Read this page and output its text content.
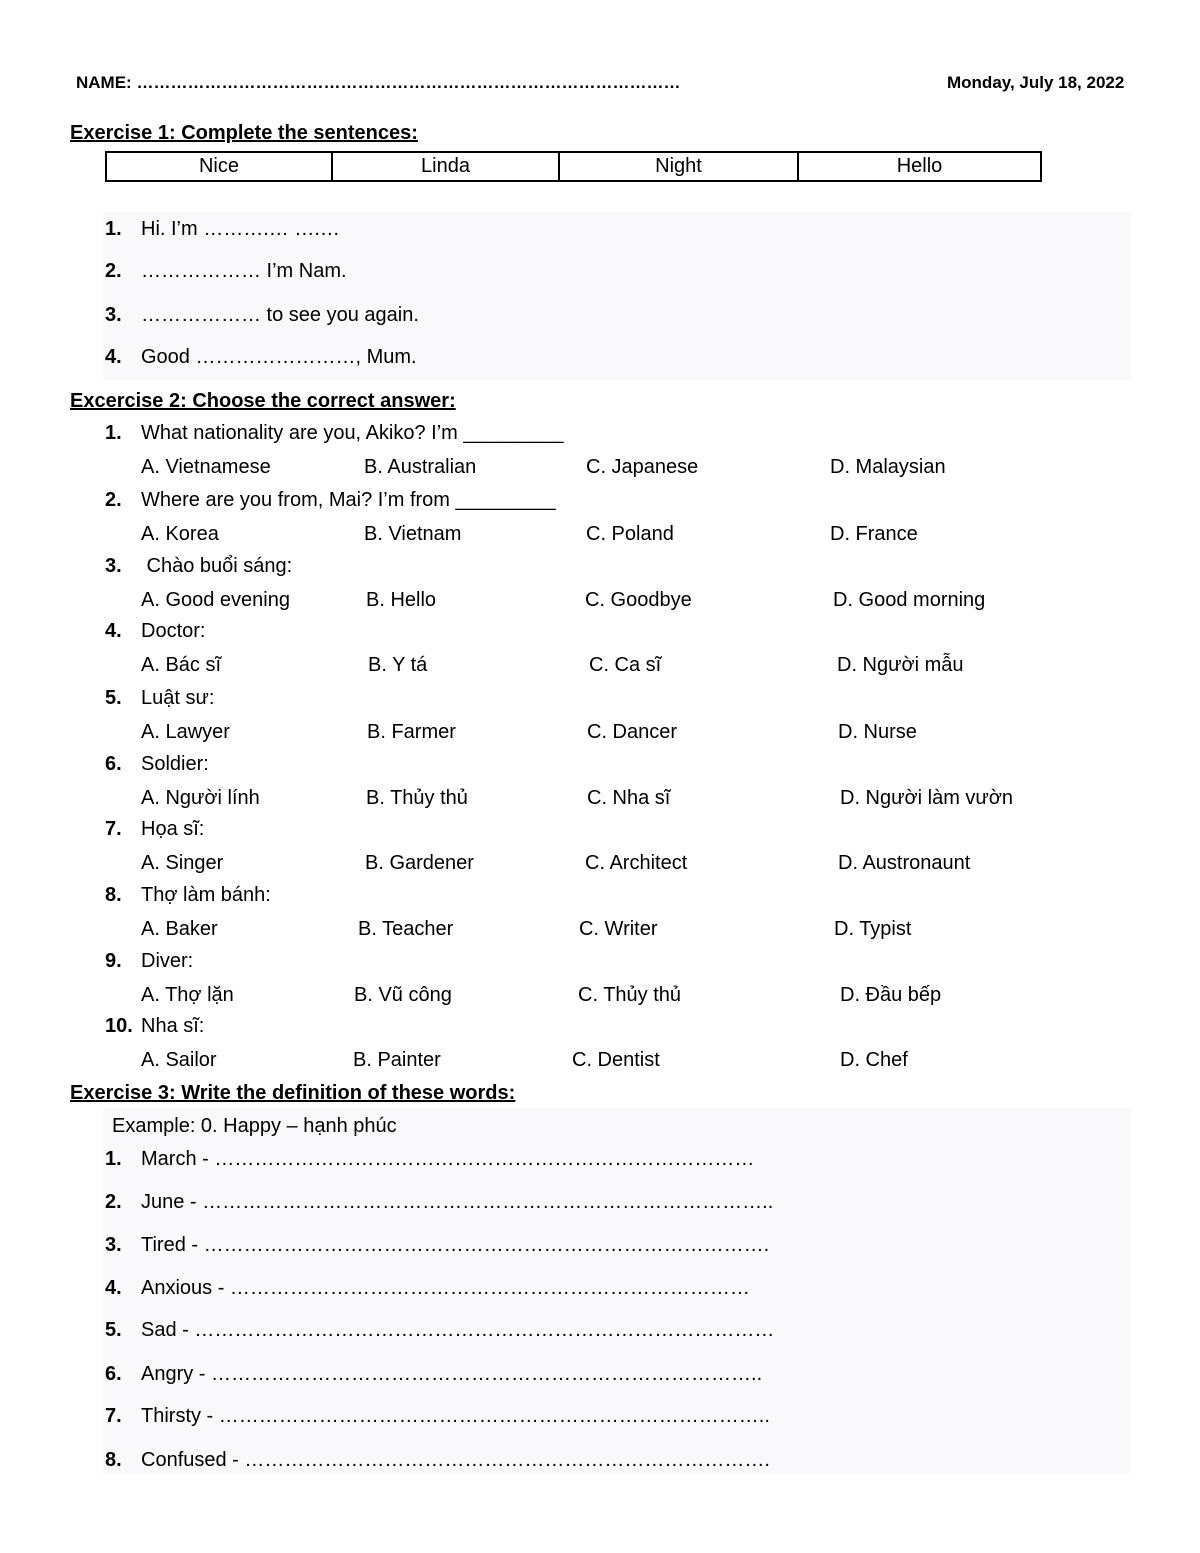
NAME: ……………………………………………………………………………………	Monday, July 18, 2022
Exercise 1: Complete the sentences:
Nice	Linda	Night	Hello
1. Hi. I’m ……….… ….…
2. ……………… I’m Nam.
3. ……………… to see you again.
4. Good ……………………, Mum.
Excercise 2: Choose the correct answer:
1. What nationality are you, Akiko? I’m _________
A. Vietnamese	B. Australian	C. Japanese	D. Malaysian
2. Where are you from, Mai? I’m from _________
A. Korea	B. Vietnam	C. Poland	D. France
3. Chào buổi sáng:
A. Good evening	B. Hello	C. Goodbye	D. Good morning
4. Doctor:
A. Bác sĩ	B. Y tá	C. Ca sĩ	D. Người mẫu
5. Luật sư:
A. Lawyer	B. Farmer	C. Dancer	D. Nurse
6. Soldier:
A. Người lính	B. Thủy thủ	C. Nha sĩ	D. Người làm vườn
7. Họa sĩ:
A. Singer	B. Gardener	C. Architect	D. Austronaunt
8. Thợ làm bánh:
A. Baker	B. Teacher	C. Writer	D. Typist
9. Diver:
A. Thợ lặn	B. Vũ công	C. Thủy thủ	D. Đầu bếp
10. Nha sĩ:
A. Sailor	B. Painter	C. Dentist	D. Chef
Exercise 3: Write the definition of these words:
Example: 0. Happy – hạnh phúc
1. March - ………………………………………………………………………
2. June - …………………………………………………………………………..
3. Tired - ………………………………………………………………………….
4. Anxious - ……………………………………………………………………
5. Sad - ……………………………………………………………………………
6. Angry - ………………………………………………………………………..
7. Thirsty - ………………………………………………………………………..
8. Confused - …………………………………………………………………….
